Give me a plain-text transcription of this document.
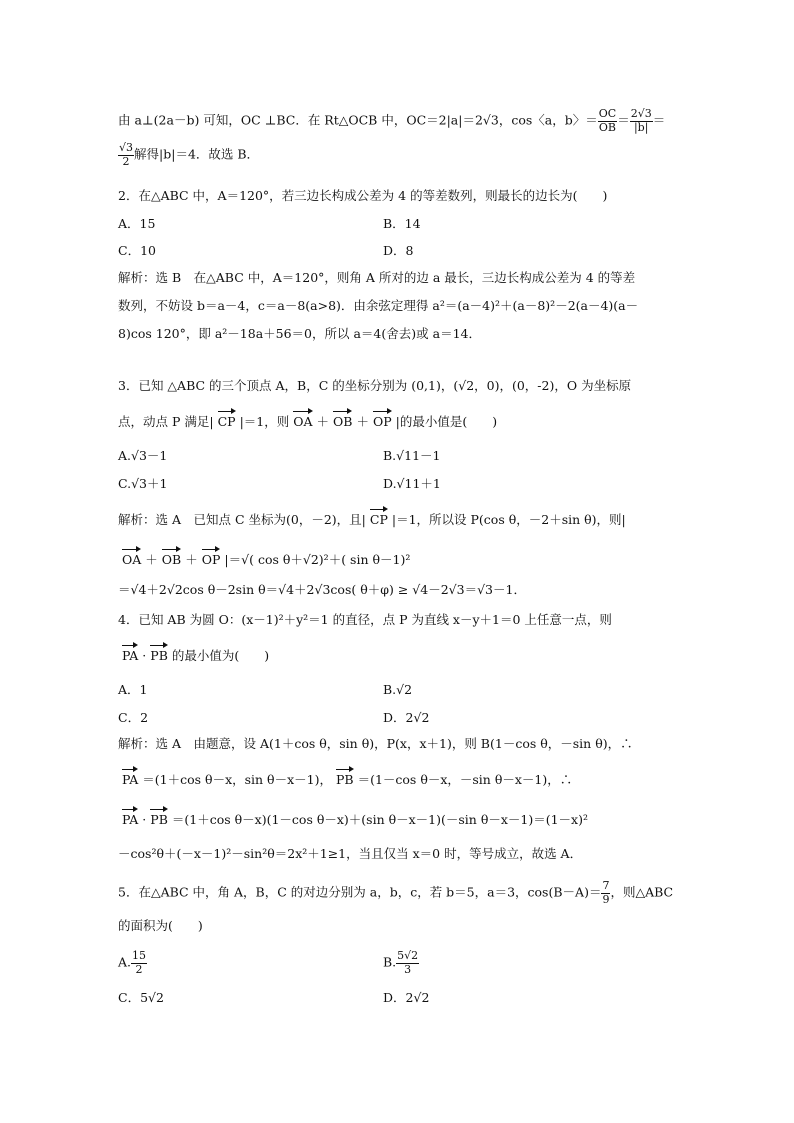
由 a⊥(2a－b) 可知，OC ⊥BC．在 Rt△OCB 中，OC＝2|a|＝2√3，cos〈a，b〉＝ $\frac{OC}{OB} = \frac{2√3}{|b|}$ ＝
$\frac{√3}{2}$ 解得|b|＝4．故选 B．
2．在△ABC 中，A＝120°，若三边长构成公差为 4 的等差数列，则最长的边长为(　　)
A．15	B．14
C．10	D．8
解析：选 B　在△ABC 中，A＝120°，则角 A 所对的边 a 最长，三边长构成公差为 4 的等差
数列，不妨设 b＝a－4，c＝a－8(a>8)．由余弦定理得 a²＝(a－4)²＋(a－8)²－2(a－4)(a－
8)cos 120°，即 a²－18a＋56＝0，所以 a＝4(舍去)或 a＝14．
3．已知 △ABC 的三个顶点 A，B，C 的坐标分别为 (0,1)，(√2，0)，(0，-2)，O 为坐标原
点，动点 P 满足| CP |＝1，则 OA ＋ OB ＋ OP |的最小值是(　　)
A.√3－1	B.√11－1
C.√3＋1	D.√11＋1
解析：选 A　已知点 C 坐标为(0，－2)，且| CP |＝1，所以设 P(cos θ，－2＋sin θ)，则|
OA ＋ OB ＋ OP |＝√( cos θ＋√2)²＋( sin θ－1)²
＝√4＋2√2cos θ－2sin θ＝√4＋2√3cos( θ＋φ) ≥ √4－2√3＝√3－1．
4．已知 AB 为圆 O：(x－1)²＋y²＝1 的直径，点 P 为直线 x－y＋1＝0 上任意一点，则
PA · PB 的最小值为(　　)
A．1	B.√2
C．2	D．2√2
解析：选 A　由题意，设 A(1＋cos θ，sin θ)，P(x，x＋1)，则 B(1－cos θ，－sin θ)，∴
PA ＝(1＋cos θ－x，sin θ－x－1)， PB ＝(1－cos θ－x，－sin θ－x－1)，∴
PA · PB ＝(1＋cos θ－x)(1－cos θ－x)＋(sin θ－x－1)(－sin θ－x－1)＝(1－x)²
－cos²θ＋(－x－1)²－sin²θ＝2x²＋1≥1，当且仅当 x＝0 时，等号成立，故选 A．
5．在△ABC 中，角 A，B，C 的对边分别为 a，b，c，若 b＝5，a＝3，$\cos(B-A)= \frac{7}{9}$ ，则△ABC
的面积为(　　)
A. $\frac{15}{2}$	B. $\frac{5√2}{3}$
C．5√2	D．2√2
